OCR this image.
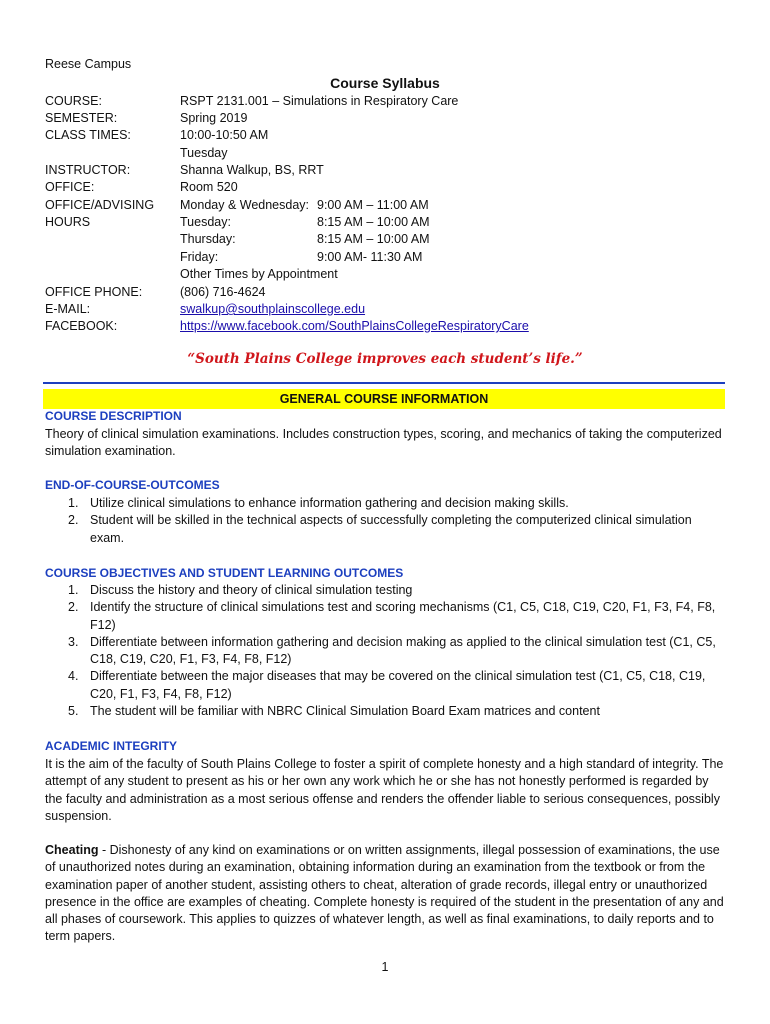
Reese Campus
Course Syllabus
COURSE:	RSPT 2131.001 – Simulations in Respiratory Care
SEMESTER:	Spring 2019
CLASS TIMES:	10:00-10:50 AM
Tuesday
INSTRUCTOR:	Shanna Walkup, BS, RRT
OFFICE:	Room 520
OFFICE/ADVISING
HOURS
Monday & Wednesday: 9:00 AM – 11:00 AM
Tuesday:	8:15 AM – 10:00 AM
Thursday:	8:15 AM – 10:00 AM
Friday:	9:00 AM- 11:30 AM
Other Times by Appointment
OFFICE PHONE:	(806) 716-4624
E-MAIL:	swalkup@southplainscollege.edu
FACEBOOK:	https://www.facebook.com/SouthPlainsCollegeRespiratoryCare
“South Plains College improves each student’s life.”
GENERAL COURSE INFORMATION
COURSE DESCRIPTION
Theory of clinical simulation examinations. Includes construction types, scoring, and mechanics of taking the computerized simulation examination.
END-OF-COURSE-OUTCOMES
1. Utilize clinical simulations to enhance information gathering and decision making skills.
2. Student will be skilled in the technical aspects of successfully completing the computerized clinical simulation exam.
COURSE OBJECTIVES AND STUDENT LEARNING OUTCOMES
1. Discuss the history and theory of clinical simulation testing
2. Identify the structure of clinical simulations test and scoring mechanisms (C1, C5, C18, C19, C20, F1, F3, F4, F8, F12)
3. Differentiate between information gathering and decision making as applied to the clinical simulation test (C1, C5, C18, C19, C20, F1, F3, F4, F8, F12)
4. Differentiate between the major diseases that may be covered on the clinical simulation test (C1, C5, C18, C19, C20, F1, F3, F4, F8, F12)
5. The student will be familiar with NBRC Clinical Simulation Board Exam matrices and content
ACADEMIC INTEGRITY
It is the aim of the faculty of South Plains College to foster a spirit of complete honesty and a high standard of integrity. The attempt of any student to present as his or her own any work which he or she has not honestly performed is regarded by the faculty and administration as a most serious offense and renders the offender liable to serious consequences, possibly suspension.
Cheating - Dishonesty of any kind on examinations or on written assignments, illegal possession of examinations, the use of unauthorized notes during an examination, obtaining information during an examination from the textbook or from the examination paper of another student, assisting others to cheat, alteration of grade records, illegal entry or unauthorized presence in the office are examples of cheating. Complete honesty is required of the student in the presentation of any and all phases of coursework. This applies to quizzes of whatever length, as well as final examinations, to daily reports and to term papers.
1
